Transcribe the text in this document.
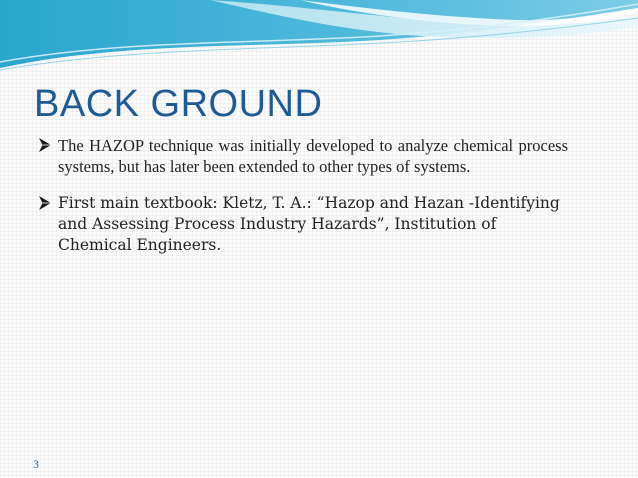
BACK GROUND
The HAZOP technique was initially developed to analyze chemical process systems, but has later been extended to other types of systems.
First main textbook: Kletz, T. A.: “Hazop and Hazan -Identifying and Assessing Process Industry Hazards”, Institution of Chemical Engineers.
3
